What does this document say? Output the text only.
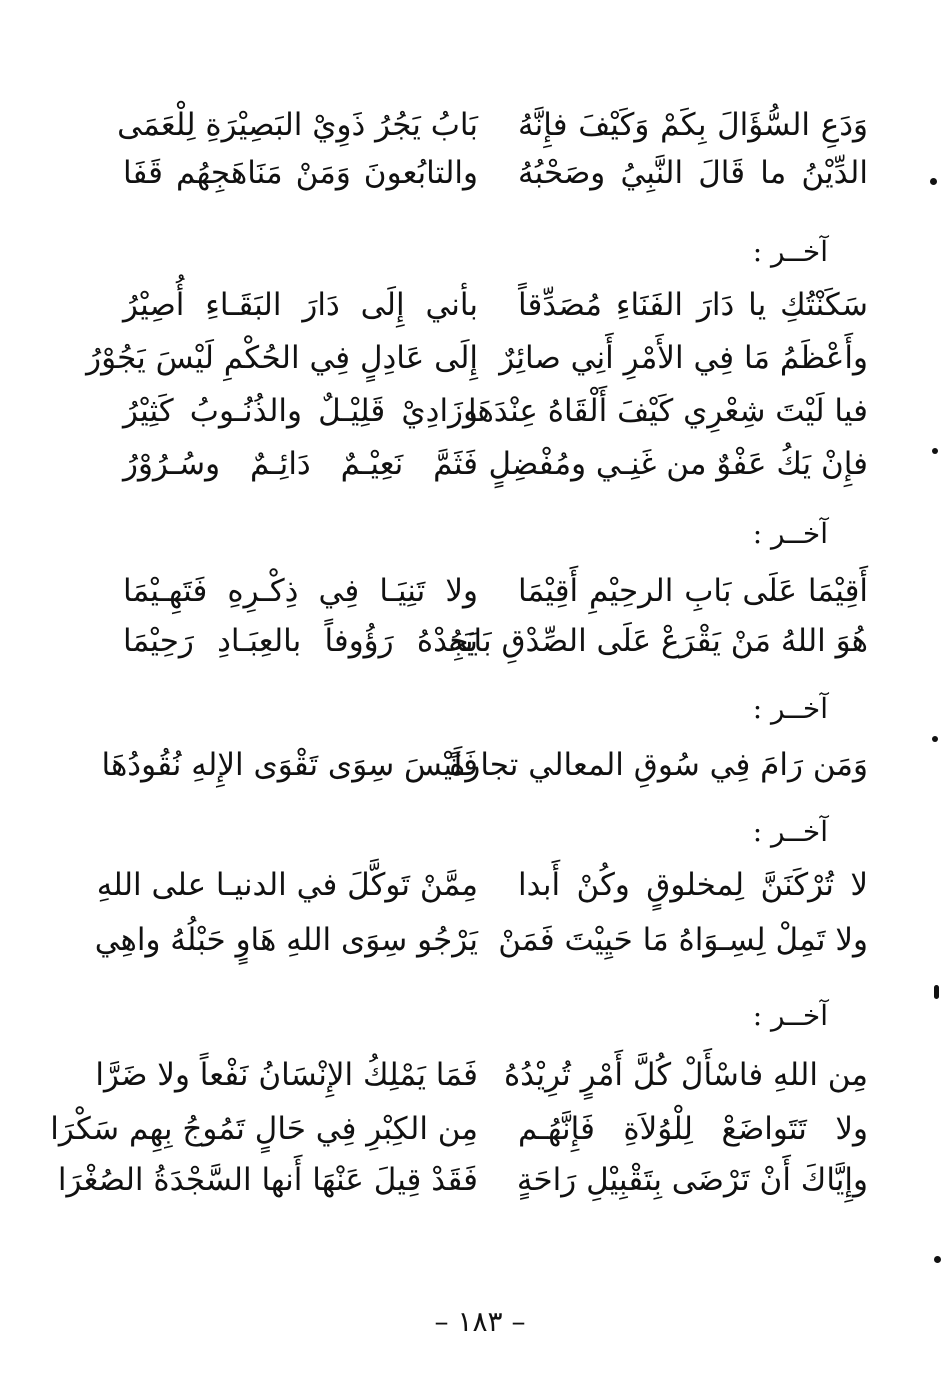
وَدَعِ السُّؤَالَ بِكَمْ وَكَيْفَ فإِنَّهُ
بَابُ يَجُرُ ذَوِيْ البَصِيْرَةِ لِلْعَمَى
الدِّيْنُ ما قَالَ النَّبِيُ وصَحْبُهُ
والتابُعونَ وَمَنْ مَنَاهَجِهُم قَفَا
آخــر :
سَكَنْتُكِ يا دَارَ الفَنَاءِ مُصَدِّقاً
بأني إِلَى دَارَ البَقَـاءِ أُصِيْرُ
وأَعْظَمُ مَا فِي الأَمْرِ أَنِي صائِرٌ
إِلَى عَادِلٍ فِي الحُكْمِ لَيْسَ يَجُوْرُ
فيا لَيْتَ شِعْرِي كَيْفَ أَلْقَاهُ عِنْدَهَا
وزَادِيْ قَلِيْـلٌ والذُنُـوبُ كَثِيْرُ
فإِنْ يَكُ عَفْوٌ من غَنِـي ومُفْضِلٍ
فَثَمَّ نَعِيْـمٌ دَائِـمٌ وسُـرُوْرُ
آخــر :
أَقِيْمَا عَلَى بَابِ الرحِيْمِ أَقِيْمَا
ولا تَنِيَـا فِي ذِكْـرِهِ فَتَهِـيْمَا
هُوَ اللهُ مَنْ يَقْرَعْ عَلَى الصِّدْقِ بَابَهُ
يَجِدْهُ رَؤُوفاً بالعِبَـادِ رَحِيْمَا
آخــر :
وَمَن رَامَ فِي سُوقِ المعالي تجارةً
فَلَيْسَ سِوَى تَقْوَى الإِلهِ نُقُودُهَا
آخــر :
لا تُرْكَنَنَّ لِمخلوقٍ وكُنْ أَبدا
مِمَّنْ تَوكَّلَ في الدنيـا على اللهِ
ولا تَمِلْ لِسِـوَاهُ مَا حَيِيْتَ فَمَنْ
يَرْجُو سِوَى اللهِ هَاوٍ حَبْلُهُ واهِي
آخــر :
مِن اللهِ فاسْأَلْ كُلَّ أَمْرٍ تُرِيْدُهُ
فَمَا يَمْلِكُ الإِنْسَانُ نَفْعاً ولا ضَرَّا
ولا تَتَواضَعْ لِلْوُلاَةِ فَإِنَّهُـم
مِن الكِبْرِ فِي حَالٍ تَمُوجُ بِهِم سَكْرَا
وإِيَّاكَ أَنْ تَرْضَى بِتَقْبِيْلِ رَاحَةٍ
فَقَدْ قِيلَ عَنْهَا أَنها السَّجْدَةُ الصُغْرَا
– ١٨٣ –
